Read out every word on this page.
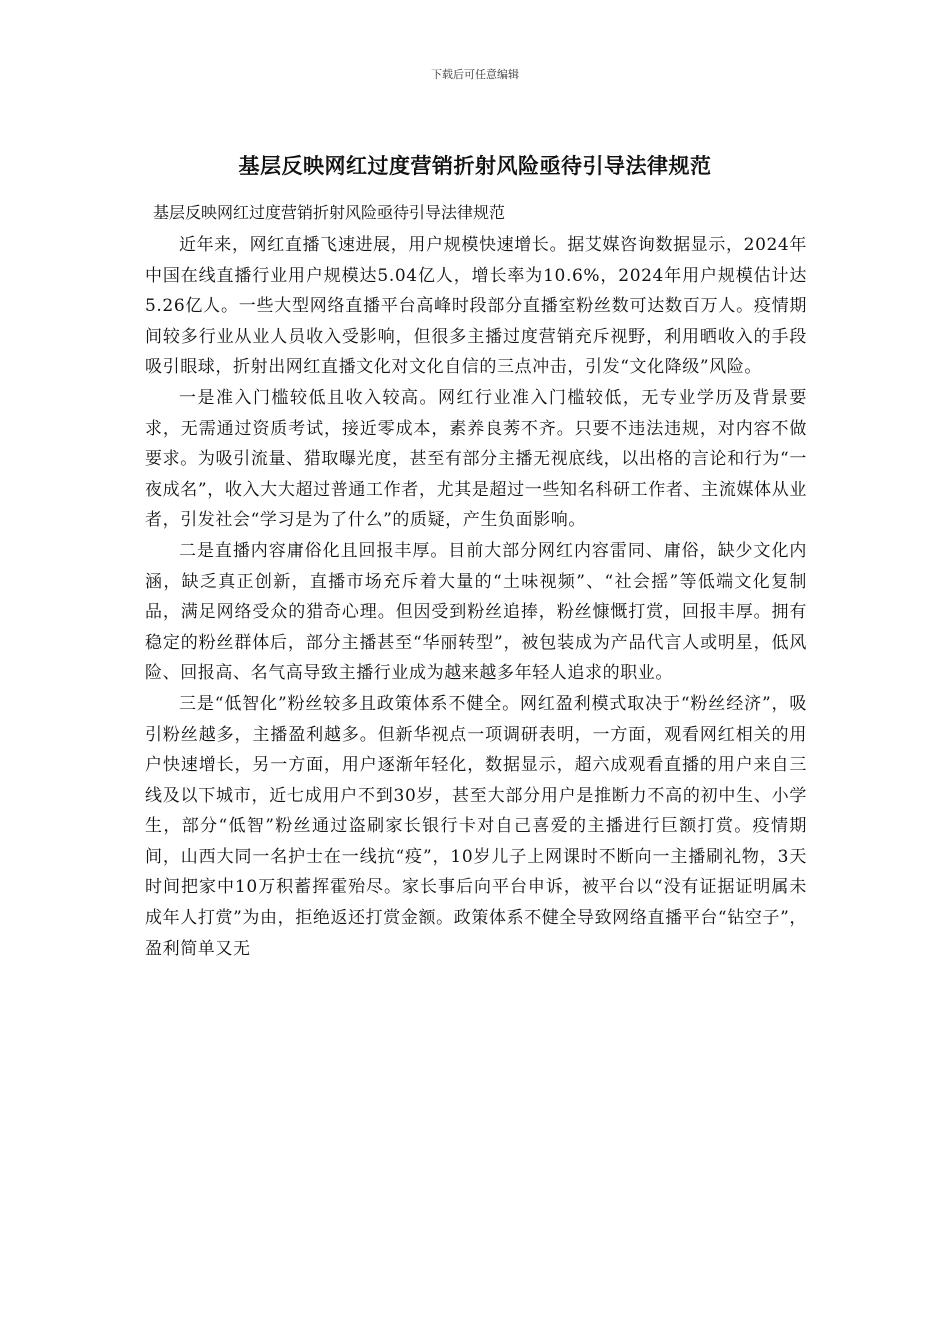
下载后可任意编辑
基层反映网红过度营销折射风险亟待引导法律规范

基层反映网红过度营销折射风险亟待引导法律规范

近年来，网红直播飞速进展，用户规模快速增长。据艾媒咨询数据显示，2024年中国在线直播行业用户规模达5.04亿人，增长率为10.6%，2024年用户规模估计达5.26亿人。一些大型网络直播平台高峰时段部分直播室粉丝数可达数百万人。疫情期间较多行业从业人员收入受影响，但很多主播过度营销充斥视野，利用晒收入的手段吸引眼球，折射出网红直播文化对文化自信的三点冲击，引发“文化降级”风险。

一是准入门槛较低且收入较高。网红行业准入门槛较低，无专业学历及背景要求，无需通过资质考试，接近零成本，素养良莠不齐。只要不违法违规，对内容不做要求。为吸引流量、猎取曝光度，甚至有部分主播无视底线，以出格的言论和行为“一夜成名”，收入大大超过普通工作者，尤其是超过一些知名科研工作者、主流媒体从业者，引发社会“学习是为了什么”的质疑，产生负面影响。

二是直播内容庸俗化且回报丰厚。目前大部分网红内容雷同、庸俗，缺少文化内涵，缺乏真正创新，直播市场充斥着大量的“土味视频”、“社会摇”等低端文化复制品，满足网络受众的猎奇心理。但因受到粉丝追捧，粉丝慷慨打赏，回报丰厚。拥有稳定的粉丝群体后，部分主播甚至“华丽转型”，被包装成为产品代言人或明星，低风险、回报高、名气高导致主播行业成为越来越多年轻人追求的职业。

三是“低智化”粉丝较多且政策体系不健全。网红盈利模式取决于“粉丝经济”，吸引粉丝越多，主播盈利越多。但新华视点一项调研表明，一方面，观看网红相关的用户快速增长，另一方面，用户逐渐年轻化，数据显示，超六成观看直播的用户来自三线及以下城市，近七成用户不到30岁，甚至大部分用户是推断力不高的初中生、小学生，部分“低智”粉丝通过盗刷家长银行卡对自己喜爱的主播进行巨额打赏。疫情期间，山西大同一名护士在一线抗“疫”，10岁儿子上网课时不断向一主播刷礼物，3天时间把家中10万积蓄挥霍殆尽。家长事后向平台申诉，被平台以“没有证据证明属未成年人打赏”为由，拒绝返还打赏金额。政策体系不健全导致网络直播平台“钻空子”，盈利简单又无
